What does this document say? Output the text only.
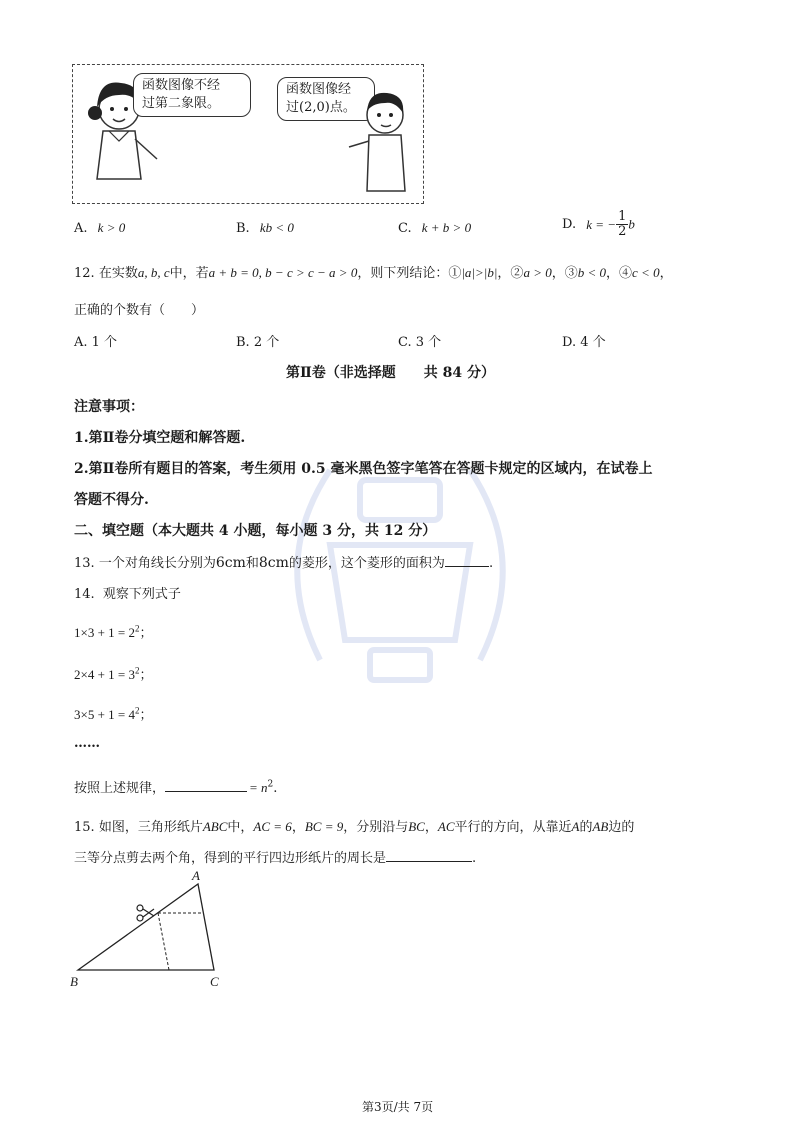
函数图像不经
过第二象限。
函数图像经
过(2,0)点。
A. k > 0	B. kb < 0	C. k + b > 0	D. k = − $\frac{1}{2}$ b
12. 在实数a, b, c中，若a + b = 0, b − c > c − a > 0，则下列结论：①|a|>|b|，②a > 0，③b < 0，④c < 0，
正确的个数有（　　）
A. 1 个	B. 2 个	C. 3 个	D. 4 个
第Ⅱ卷（非选择题　　共 84 分）
注意事项：
1.第Ⅱ卷分填空题和解答题.
2.第Ⅱ卷所有题目的答案，考生须用 0.5 毫米黑色签字笔答在答题卡规定的区域内，在试卷上
答题不得分.
二、填空题（本大题共 4 小题，每小题 3 分，共 12 分）
13. 一个对角线长分别为6cm和8cm的菱形，这个菱形的面积为	.
14. 观察下列式子
$1\times 3 + 1 = 2^2$；
$2\times 4 + 1 = 3^2$；
$3\times 5 + 1 = 4^2$；
……
按照上述规律，	= $n^2$.
15. 如图，三角形纸片ABC中，AC = 6，BC = 9，分别沿与BC，AC平行的方向，从靠近A的AB边的
三等分点剪去两个角，得到的平行四边形纸片的周长是	.
A
B	C
第3页/共 7页
